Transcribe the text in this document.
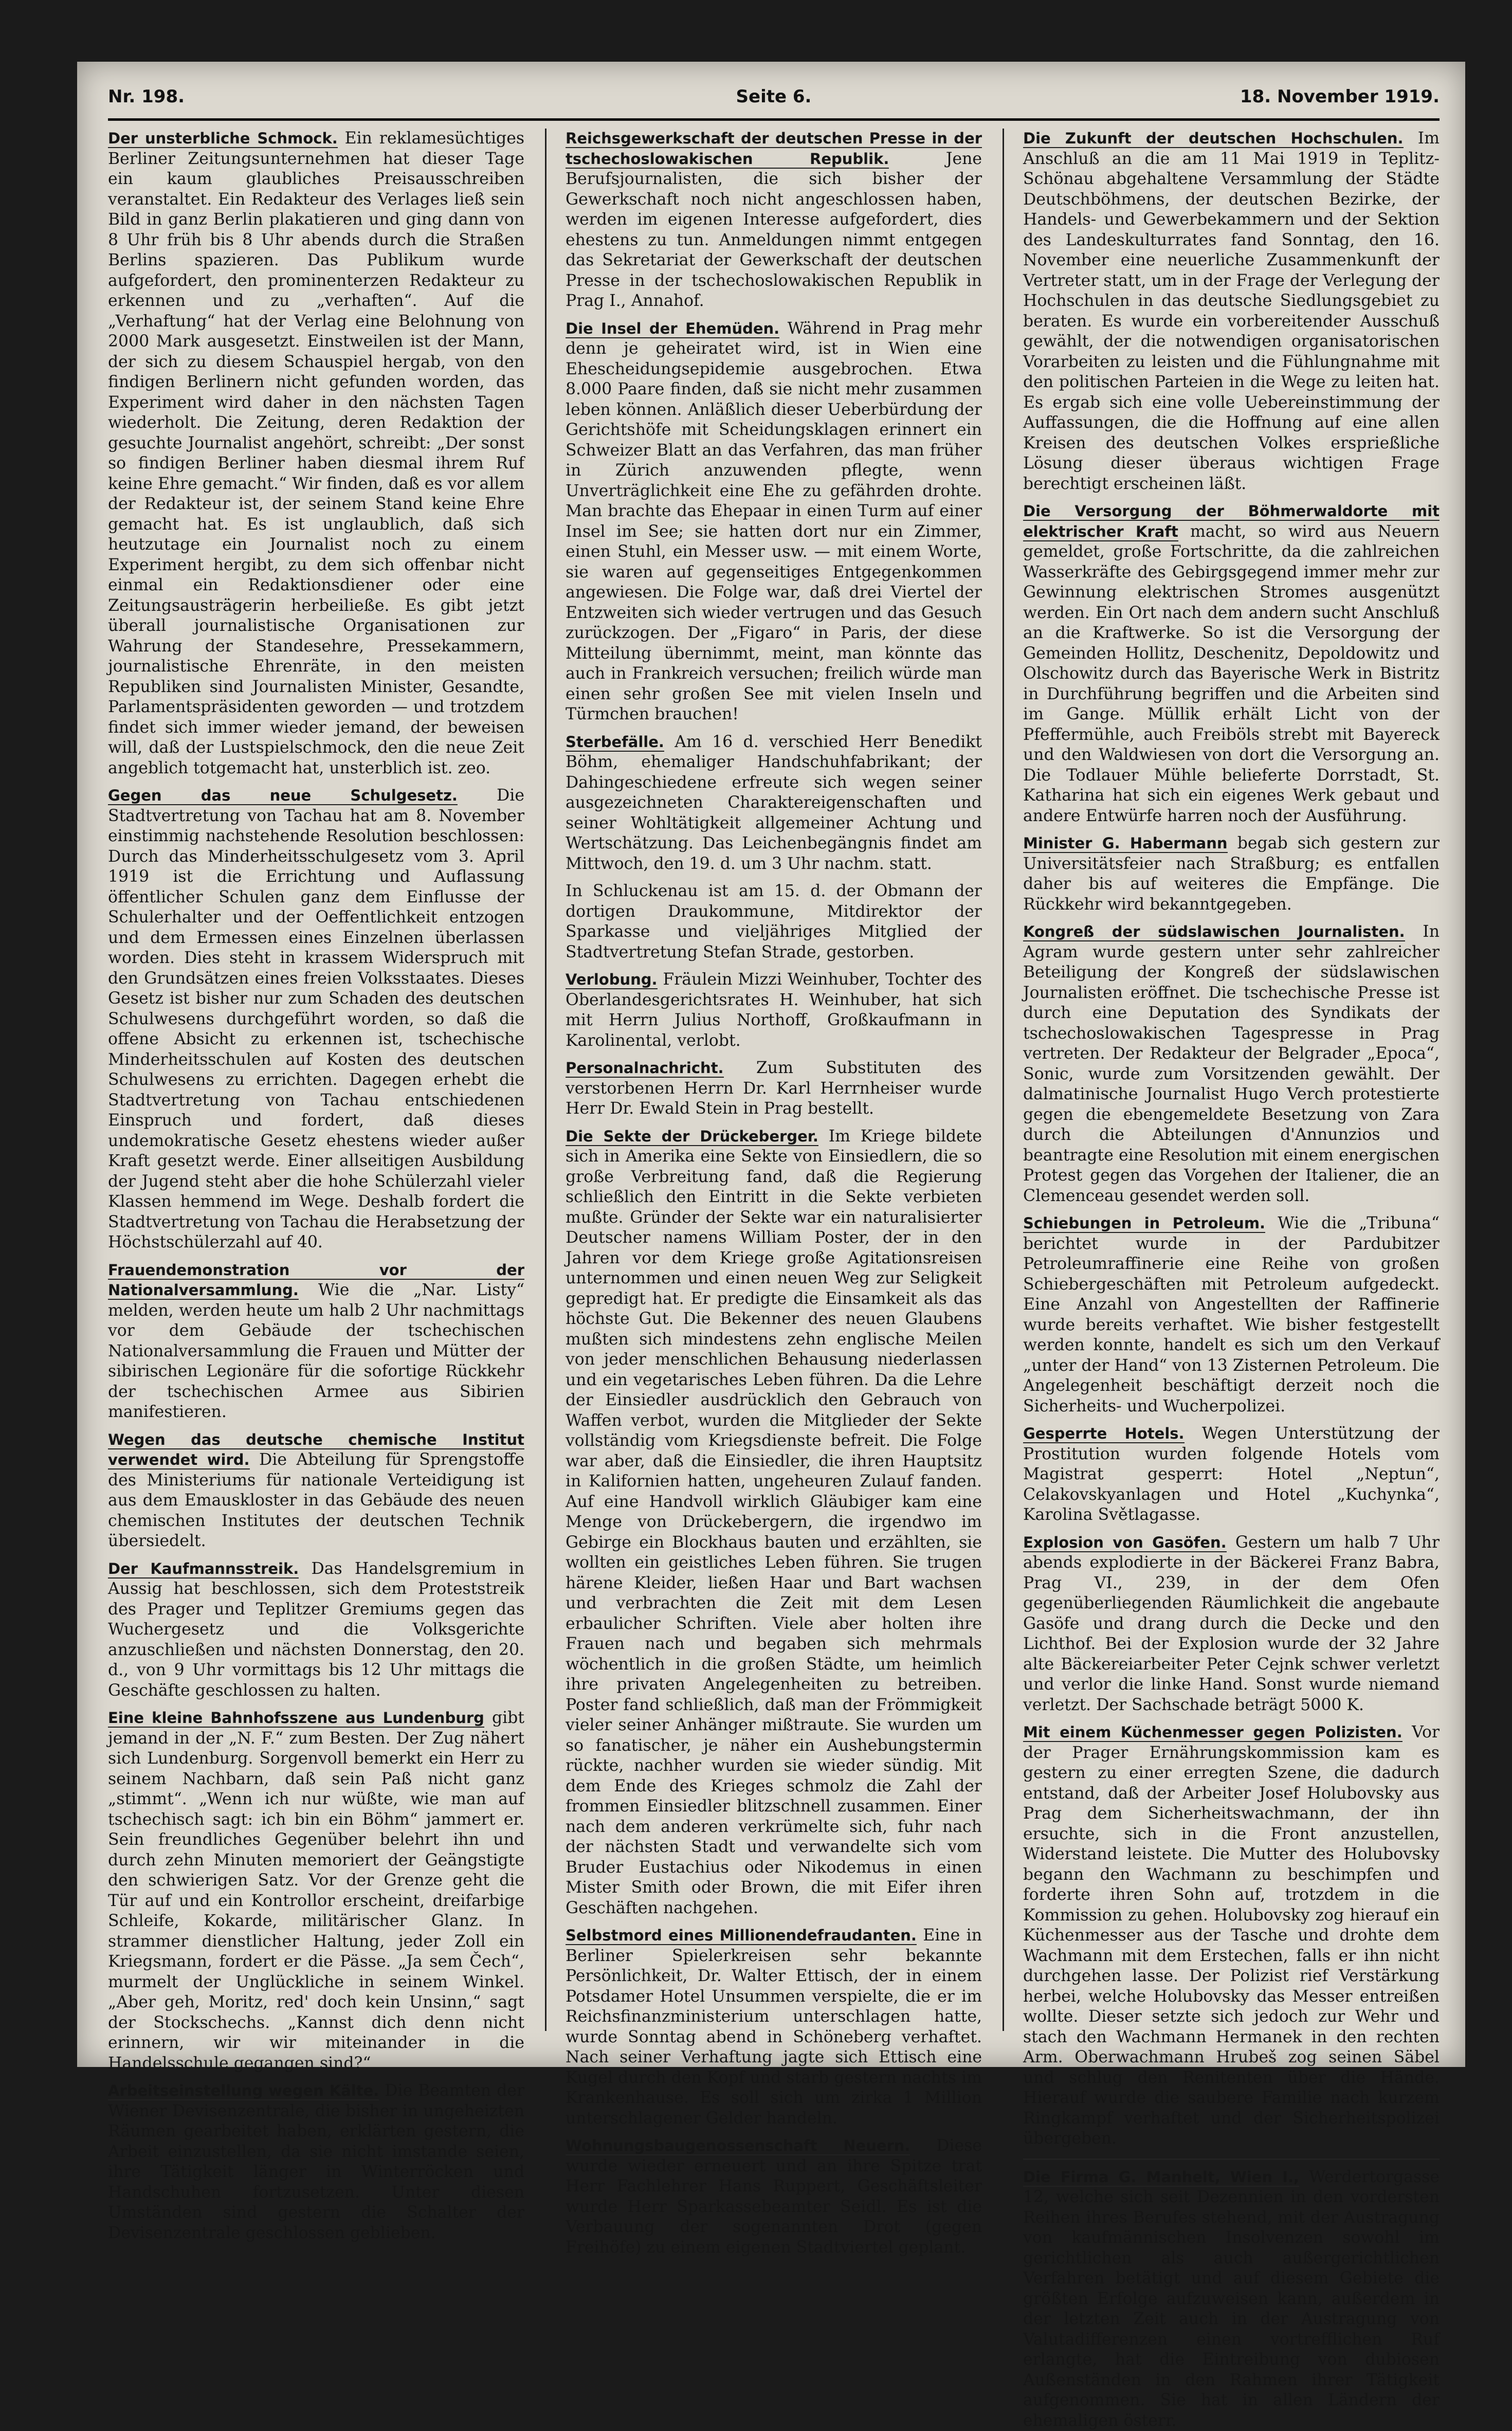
Nr. 198.	Seite 6.	18. November 1919.

Der unsterbliche Schmock. Ein reklamesüchtiges Berliner Zeitungsunternehmen hat dieser Tage ein kaum glaubliches Preisausschreiben veranstaltet. Ein Redakteur des Verlages ließ sein Bild in ganz Berlin plakatieren und ging dann von 8 Uhr früh bis 8 Uhr abends durch die Straßen Berlins spazieren. Das Publikum wurde aufgefordert, den prominenterzen Redakteur zu erkennen und zu „verhaften“. Auf die „Verhaftung“ hat der Verlag eine Belohnung von 2000 Mark ausgesetzt. Einstweilen ist der Mann, der sich zu diesem Schauspiel hergab, von den findigen Berlinern nicht gefunden worden, das Experiment wird daher in den nächsten Tagen wiederholt. Die Zeitung, deren Redaktion der gesuchte Journalist angehört, schreibt: „Der sonst so findigen Berliner haben diesmal ihrem Ruf keine Ehre gemacht.“ Wir finden, daß es vor allem der Redakteur ist, der seinem Stand keine Ehre gemacht hat. Es ist unglaublich, daß sich heutzutage ein Journalist noch zu einem Experiment hergibt, zu dem sich offenbar nicht einmal ein Redaktionsdiener oder eine Zeitungsausträgerin herbeiließe. Es gibt jetzt überall journalistische Organisationen zur Wahrung der Standesehre, Pressekammern, journalistische Ehrenräte, in den meisten Republiken sind Journalisten Minister, Gesandte, Parlamentspräsidenten geworden — und trotzdem findet sich immer wieder jemand, der beweisen will, daß der Lustspielschmock, den die neue Zeit angeblich totgemacht hat, unsterblich ist. zeo.

Gegen das neue Schulgesetz. Die Stadtvertretung von Tachau hat am 8. November einstimmig nachstehende Resolution beschlossen: Durch das Minderheitsschulgesetz vom 3. April 1919 ist die Errichtung und Auflassung öffentlicher Schulen ganz dem Einflusse der Schulerhalter und der Oeffentlichkeit entzogen und dem Ermessen eines Einzelnen überlassen worden. Dies steht in krassem Widerspruch mit den Grundsätzen eines freien Volksstaates. Dieses Gesetz ist bisher nur zum Schaden des deutschen Schulwesens durchgeführt worden, so daß die offene Absicht zu erkennen ist, tschechische Minderheitsschulen auf Kosten des deutschen Schulwesens zu errichten. Dagegen erhebt die Stadtvertretung von Tachau entschiedenen Einspruch und fordert, daß dieses undemokratische Gesetz ehestens wieder außer Kraft gesetzt werde. Einer allseitigen Ausbildung der Jugend steht aber die hohe Schülerzahl vieler Klassen hemmend im Wege. Deshalb fordert die Stadtvertretung von Tachau die Herabsetzung der Höchstschülerzahl auf 40.

Frauendemonstration vor der Nationalversammlung. Wie die „Nar. Listy“ melden, werden heute um halb 2 Uhr nachmittags vor dem Gebäude der tschechischen Nationalversammlung die Frauen und Mütter der sibirischen Legionäre für die sofortige Rückkehr der tschechischen Armee aus Sibirien manifestieren.

Wegen das deutsche chemische Institut verwendet wird. Die Abteilung für Sprengstoffe des Ministeriums für nationale Verteidigung ist aus dem Emauskloster in das Gebäude des neuen chemischen Institutes der deutschen Technik übersiedelt.

Der Kaufmannsstreik. Das Handelsgremium in Aussig hat beschlossen, sich dem Proteststreik des Prager und Teplitzer Gremiums gegen das Wuchergesetz und die Volksgerichte anzuschließen und nächsten Donnerstag, den 20. d., von 9 Uhr vormittags bis 12 Uhr mittags die Geschäfte geschlossen zu halten.

Eine kleine Bahnhofsszene aus Lundenburg gibt jemand in der „N. F.“ zum Besten. Der Zug nähert sich Lundenburg. Sorgenvoll bemerkt ein Herr zu seinem Nachbarn, daß sein Paß nicht ganz „stimmt“. „Wenn ich nur wüßte, wie man auf tschechisch sagt: ich bin ein Böhm“ jammert er. Sein freundliches Gegenüber belehrt ihn und durch zehn Minuten memoriert der Geängstigte den schwierigen Satz. Vor der Grenze geht die Tür auf und ein Kontrollor erscheint, dreifarbige Schleife, Kokarde, militärischer Glanz. In strammer dienstlicher Haltung, jeder Zoll ein Kriegsmann, fordert er die Pässe. „Ja sem Čech“, murmelt der Unglückliche in seinem Winkel. „Aber geh, Moritz, red' doch kein Unsinn,“ sagt der Stockschechs. „Kannst dich denn nicht erinnern, wir wir miteinander in die Handelsschule gegangen sind?“

Arbeitseinstellung wegen Kälte. Die Beamten der Wiener Devisenzentrale, die bisher in ungeheizten Räumen gearbeitet haben, erklärten gestern, die Arbeit einzustellen, da sie nicht imstande seien, ihre Tätigkeit länger in Winterröcken und Handschuhen fortzusetzen. Unter diesen Umständen sind gestern die Schalter der Devisenzentrale geschlossen geblieben.

Reichsgewerkschaft der deutschen Presse in der tschechoslowakischen Republik.	Jene Berufsjournalisten, die sich bisher der Gewerkschaft noch nicht angeschlossen haben, werden im eigenen Interesse aufgefordert, dies ehestens zu tun. Anmeldungen nimmt entgegen das Sekretariat der Gewerkschaft der deutschen Presse in der tschechoslowakischen Republik in Prag I., Annahof.

Die Insel der Ehemüden. Während in Prag mehr denn je geheiratet wird, ist in Wien eine Ehescheidungsepidemie ausgebrochen. Etwa 8.000 Paare finden, daß sie nicht mehr zusammen leben können. Anläßlich dieser Ueberbürdung der Gerichtshöfe mit Scheidungsklagen erinnert ein Schweizer Blatt an das Verfahren, das man früher in Zürich anzuwenden pflegte, wenn Unverträglichkeit eine Ehe zu gefährden drohte. Man brachte das Ehepaar in einen Turm auf einer Insel im See; sie hatten dort nur ein Zimmer, einen Stuhl, ein Messer usw. — mit einem Worte, sie waren auf gegenseitiges Entgegenkommen angewiesen. Die Folge war, daß drei Viertel der Entzweiten sich wieder vertrugen und das Gesuch zurückzogen. Der „Figaro“ in Paris, der diese Mitteilung übernimmt, meint, man könnte das auch in Frankreich versuchen; freilich würde man einen sehr großen See mit vielen Inseln und Türmchen brauchen!

Sterbefälle. Am 16 d. verschied Herr Benedikt Böhm, ehemaliger Handschuhfabrikant; der Dahingeschiedene erfreute sich wegen seiner ausgezeichneten Charaktereigenschaften und seiner Wohltätigkeit allgemeiner Achtung und Wertschätzung. Das Leichenbegängnis findet am Mittwoch, den 19. d. um 3 Uhr nachm. statt.

In Schluckenau ist am 15. d. der Obmann der dortigen Draukommune, Mitdirektor der Sparkasse und vieljähriges Mitglied der Stadtvertretung Stefan Strade, gestorben.

Verlobung. Fräulein Mizzi Weinhuber, Tochter des Oberlandesgerichtsrates H. Weinhuber, hat sich mit Herrn Julius Northoff, Großkaufmann in Karolinental, verlobt.

Personalnachricht. Zum Substituten des verstorbenen Herrn Dr. Karl Herrnheiser wurde Herr Dr. Ewald Stein in Prag bestellt.

Die Sekte der Drückeberger. Im Kriege bildete sich in Amerika eine Sekte von Einsiedlern, die so große Verbreitung fand, daß die Regierung schließlich den Eintritt in die Sekte verbieten mußte. Gründer der Sekte war ein naturalisierter Deutscher namens William Poster, der in den Jahren vor dem Kriege große Agitationsreisen unternommen und einen neuen Weg zur Seligkeit gepredigt hat. Er predigte die Einsamkeit als das höchste Gut. Die Bekenner des neuen Glaubens mußten sich mindestens zehn englische Meilen von jeder menschlichen Behausung niederlassen und ein vegetarisches Leben führen. Da die Lehre der Einsiedler ausdrücklich den Gebrauch von Waffen verbot, wurden die Mitglieder der Sekte vollständig vom Kriegsdienste befreit. Die Folge war aber, daß die Einsiedler, die ihren Hauptsitz in Kalifornien hatten, ungeheuren Zulauf fanden. Auf eine Handvoll wirklich Gläubiger kam eine Menge von Drückebergern, die irgendwo im Gebirge ein Blockhaus bauten und erzählten, sie wollten ein geistliches Leben führen. Sie trugen härene Kleider, ließen Haar und Bart wachsen und verbrachten die Zeit mit dem Lesen erbaulicher Schriften. Viele aber holten ihre Frauen nach und begaben sich mehrmals wöchentlich in die großen Städte, um heimlich ihre privaten Angelegenheiten zu betreiben. Poster fand schließlich, daß man der Frömmigkeit vieler seiner Anhänger mißtraute. Sie wurden um so fanatischer, je näher ein Aushebungstermin rückte, nachher wurden sie wieder sündig. Mit dem Ende des Krieges schmolz die Zahl der frommen Einsiedler blitzschnell zusammen. Einer nach dem anderen verkrümelte sich, fuhr nach der nächsten Stadt und verwandelte sich vom Bruder Eustachius oder Nikodemus in einen Mister Smith oder Brown, die mit Eifer ihren Geschäften nachgehen.

Selbstmord eines Millionendefraudanten. Eine in Berliner Spielerkreisen sehr bekannte Persönlichkeit, Dr. Walter Ettisch, der in einem Potsdamer Hotel Unsummen verspielte, die er im Reichsfinanzministerium unterschlagen hatte, wurde Sonntag abend in Schöneberg verhaftet. Nach seiner Verhaftung jagte sich Ettisch eine Kugel durch den Kopf und starb gestern nachts im Krankenhause. Es soll sich um zirka 1 Million unterschlagener Gelder handeln.

Wohnungsbaugenossenschaft Neuern. Diese wurde wieder erneuert und an ihre Spitze trat Herr Fachlehrer Hans Ruppert, Geschäftsleiter wurde Herr Sparkassebeamter Seidl. Es ist die Verbauung der sogenannten Drot (gegen Freihöfe) zu einem eigenen Stadtviertel geplant.

Die Zukunft der deutschen Hochschulen. Im Anschluß an die am 11 Mai 1919 in Teplitz-Schönau abgehaltene Versammlung der Städte Deutschböhmens, der deutschen Bezirke, der Handels- und Gewerbekammern und der Sektion des Landeskulturrates fand Sonntag, den 16. November eine neuerliche Zusammenkunft der Vertreter statt, um in der Frage der Verlegung der Hochschulen in das deutsche Siedlungsgebiet zu beraten. Es wurde ein vorbereitender Ausschuß gewählt, der die notwendigen organisatorischen Vorarbeiten zu leisten und die Fühlungnahme mit den politischen Parteien in die Wege zu leiten hat. Es ergab sich eine volle Uebereinstimmung der Auffassungen, die die Hoffnung auf eine allen Kreisen des deutschen Volkes ersprießliche Lösung dieser überaus wichtigen Frage berechtigt erscheinen läßt.

Die Versorgung der Böhmerwaldorte mit elektrischer Kraft macht, so wird aus Neuern gemeldet, große Fortschritte, da die zahlreichen Wasserkräfte des Gebirgsgegend immer mehr zur Gewinnung elektrischen Stromes ausgenützt werden. Ein Ort nach dem andern sucht Anschluß an die Kraftwerke. So ist die Versorgung der Gemeinden Hollitz, Deschenitz, Depoldowitz und Olschowitz durch das Bayerische Werk in Bistritz in Durchführung begriffen und die Arbeiten sind im Gange. Müllik erhält Licht von der Pfeffermühle, auch Freiböls strebt mit Bayereck und den Waldwiesen von dort die Versorgung an. Die Todlauer Mühle belieferte Dorrstadt, St. Katharina hat sich ein eigenes Werk gebaut und andere Entwürfe harren noch der Ausführung.

Minister G. Habermann begab sich gestern zur Universitätsfeier nach Straßburg; es entfallen daher bis auf weiteres die Empfänge. Die Rückkehr wird bekanntgegeben.

Kongreß der südslawischen Journalisten. In Agram wurde gestern unter sehr zahlreicher Beteiligung der Kongreß der südslawischen Journalisten eröffnet. Die tschechische Presse ist durch eine Deputation des Syndikats der tschechoslowakischen Tagespresse in Prag vertreten. Der Redakteur der Belgrader „Epoca“, Sonic, wurde zum Vorsitzenden gewählt. Der dalmatinische Journalist Hugo Verch protestierte gegen die ebengemeldete Besetzung von Zara durch die Abteilungen d'Annunzios und beantragte eine Resolution mit einem energischen Protest gegen das Vorgehen der Italiener, die an Clemenceau gesendet werden soll.

Schiebungen in Petroleum. Wie die „Tribuna“ berichtet wurde in der Pardubitzer Petroleumraffinerie eine Reihe von großen Schiebergeschäften mit Petroleum aufgedeckt. Eine Anzahl von Angestellten der Raffinerie wurde bereits verhaftet. Wie bisher festgestellt werden konnte, handelt es sich um den Verkauf „unter der Hand“ von 13 Zisternen Petroleum. Die Angelegenheit beschäftigt derzeit noch die Sicherheits- und Wucherpolizei.

Gesperrte Hotels. Wegen Unterstützung der Prostitution wurden folgende Hotels vom Magistrat gesperrt: Hotel „Neptun“, Celakovskyanlagen und Hotel „Kuchynka“, Karolina Světlagasse.

Explosion von Gasöfen. Gestern um halb 7 Uhr abends explodierte in der Bäckerei Franz Babra, Prag VI., 239, in der dem Ofen gegenüberliegenden Räumlichkeit die angebaute Gasöfe und drang durch die Decke und den Lichthof. Bei der Explosion wurde der 32 Jahre alte Bäckereiarbeiter Peter Cejnk schwer verletzt und verlor die linke Hand. Sonst wurde niemand verletzt. Der Sachschade beträgt 5000 K.

Mit einem Küchenmesser gegen Polizisten. Vor der Prager Ernährungskommission kam es gestern zu einer erregten Szene, die dadurch entstand, daß der Arbeiter Josef Holubovsky aus Prag dem Sicherheitswachmann, der ihn ersuchte, sich in die Front anzustellen, Widerstand leistete. Die Mutter des Holubovsky begann den Wachmann zu beschimpfen und forderte ihren Sohn auf, trotzdem in die Kommission zu gehen. Holubovsky zog hierauf ein Küchenmesser aus der Tasche und drohte dem Wachmann mit dem Erstechen, falls er ihn nicht durchgehen lasse. Der Polizist rief Verstärkung herbei, welche Holubovsky das Messer entreißen wollte. Dieser setzte sich jedoch zur Wehr und stach den Wachmann Hermanek in den rechten Arm. Oberwachmann Hrubeš zog seinen Säbel und schlug den Renitenten über die Hände. Hierauf wurde die saubere Familie nach kurzem Ringkampf verhaftet und der Sicherheitspolizei übergeben.

Die Firma G. Manhelt, Wien I., Werdertorgasse 12, welche sich seit Dezennien in den vordersten Reihen ihres Berufes stehend, mit der Austragung von kaufmännischen Insolvenzen sowohl im gerichtlichen als auch außergerichtlichen Verfahren betätigt und auf diesem Gebiete die größten Erfolge aufzuweisen kann, außerdem in der letzten Zeit auch in der Austragung von Valutadifferenzen einen vortrefflichen Ruf erlangte, hat die Eintreibung von dubiosen Außenständen in den Rahmen ihrer Tätigkeit aufgenommen. Sie hat in allen Ländern der ehemaligen österr.
